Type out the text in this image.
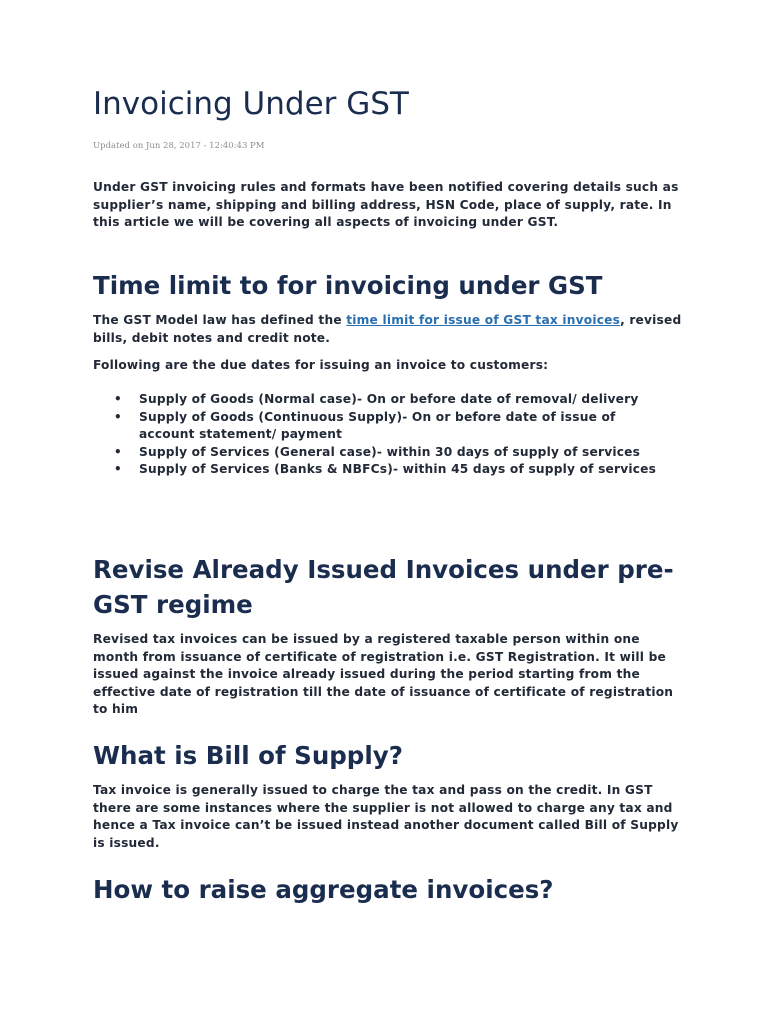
Invoicing Under GST

Updated on Jun 28, 2017 - 12:40:43 PM

Under GST invoicing rules and formats have been notified covering details such as supplier’s name, shipping and billing address, HSN Code, place of supply, rate. In this article we will be covering all aspects of invoicing under GST.

Time limit to for invoicing under GST

The GST Model law has defined the time limit for issue of GST tax invoices, revised bills, debit notes and credit note.

Following are the due dates for issuing an invoice to customers:

• Supply of Goods (Normal case)- On or before date of removal/ delivery
• Supply of Goods (Continuous Supply)- On or before date of issue of account statement/ payment
• Supply of Services (General case)- within 30 days of supply of services
• Supply of Services (Banks & NBFCs)- within 45 days of supply of services
Revise Already Issued Invoices under pre-GST regime

Revised tax invoices can be issued by a registered taxable person within one month from issuance of certificate of registration i.e. GST Registration. It will be issued against the invoice already issued during the period starting from the effective date of registration till the date of issuance of certificate of registration to him

What is Bill of Supply?

Tax invoice is generally issued to charge the tax and pass on the credit. In GST there are some instances where the supplier is not allowed to charge any tax and hence a Tax invoice can’t be issued instead another document called Bill of Supply is issued.

How to raise aggregate invoices?
